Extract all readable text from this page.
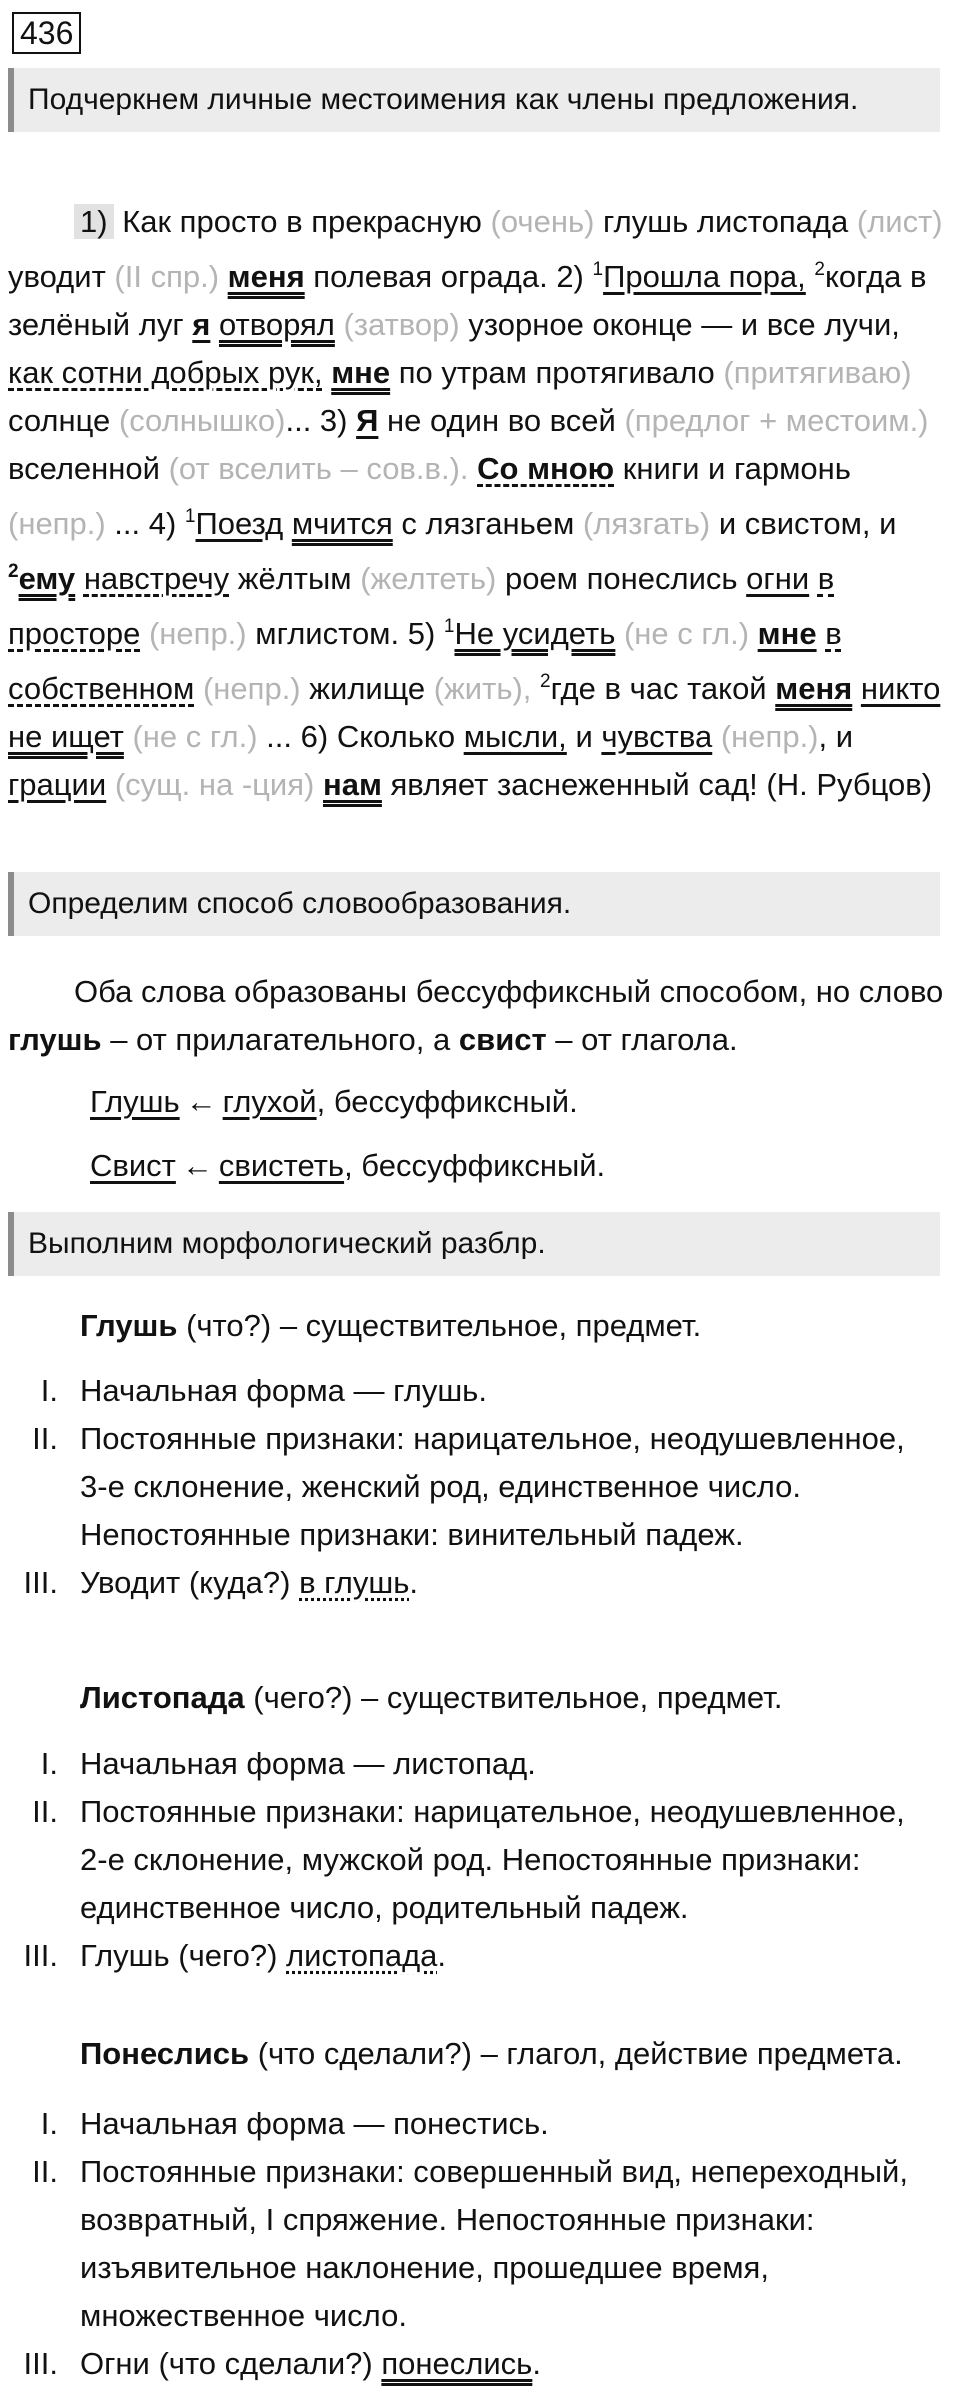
436
Подчеркнем личные местоимения как члены предложения.

1) Как просто в прекрасную (очень) глушь листопада (лист) уводит (II спр.) меня полевая ограда. 2) $^1$Прошла пора, $^2$когда в зелёный луг я отворял (затвор) узорное оконце — и все лучи, как сотни добрых рук, мне по утрам протягивало (притягиваю) солнце (солнышко)... 3) Я не один во всей (предлог + местоим.) вселенной (от вселить – сов.в.). Со мною книги и гармонь (непр.) ... 4) $^1$Поезд мчится с лязганьем (лязгать) и свистом, и $^2$ему навстречу жёлтым (желтеть) роем понеслись огни в просторе (непр.) мглистом. 5) $^1$Не усидеть (не с гл.) мне в собственном (непр.) жилище (жить), $^2$где в час такой меня никто не ищет (не с гл.) ... 6) Сколько мысли, и чувства (непр.), и грации (сущ. на -ция) нам являет заснеженный сад! (Н. Рубцов)

Определим способ словообразования.

Оба слова образованы бессуффиксный способом, но слово глушь – от прилагательного, а свист – от глагола.

Глушь ← глухой, бессуффиксный.
Свист ← свистеть, бессуффиксный.
Выполним морфологический разблр.
Глушь (что?) – существительное, предмет.
I. Начальная форма — глушь.
II. Постоянные признаки: нарицательное, неодушевленное, 3-е склонение, женский род, единственное число. Непостоянные признаки: винительный падеж.
III. Уводит (куда?) в глушь.
Листопада (чего?) – существительное, предмет.
I. Начальная форма — листопад.
II. Постоянные признаки: нарицательное, неодушевленное, 2-е склонение, мужской род. Непостоянные признаки: единственное число, родительный падеж.
III. Глушь (чего?) листопада.
Понеслись (что сделали?) – глагол, действие предмета.
I. Начальная форма — понестись.
II. Постоянные признаки: совершенный вид, непереходный, возвратный, I спряжение. Непостоянные признаки: изъявительное наклонение, прошедшее время, множественное число.
III. Огни (что сделали?) понеслись.
